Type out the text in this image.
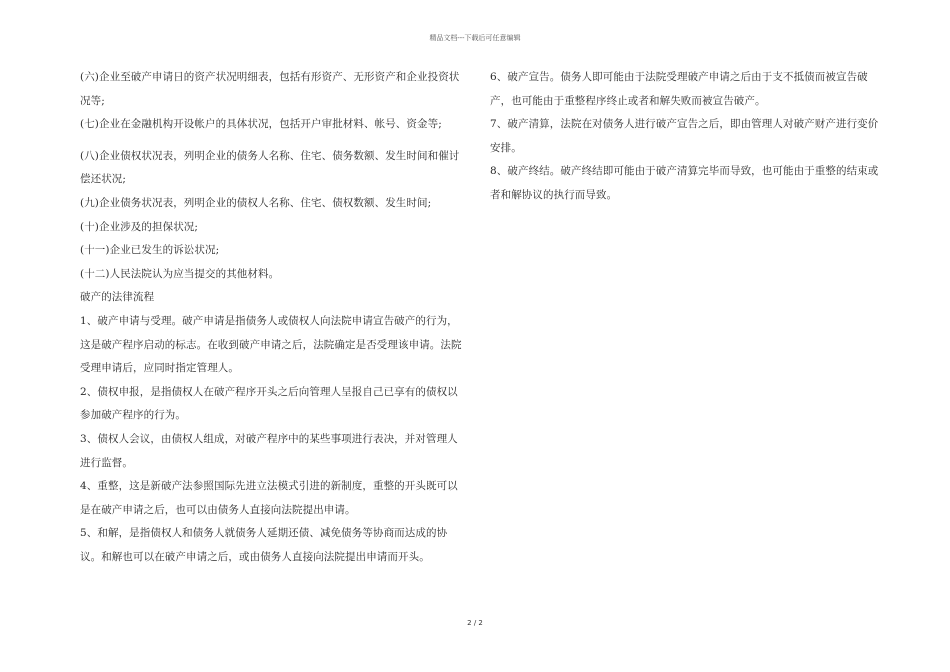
精品文档---下载后可任意编辑

(六)企业至破产申请日的资产状况明细表，包括有形资产、无形资产和企业投资状况等;

(七)企业在金融机构开设帐户的具体状况，包括开户审批材料、帐号、资金等;

(八)企业债权状况表，列明企业的债务人名称、住宅、债务数额、发生时间和催讨偿还状况;

(九)企业债务状况表，列明企业的债权人名称、住宅、债权数额、发生时间;

(十)企业涉及的担保状况;

(十一)企业已发生的诉讼状况;

(十二)人民法院认为应当提交的其他材料。

破产的法律流程

1、破产申请与受理。破产申请是指债务人或债权人向法院申请宣告破产的行为，这是破产程序启动的标志。在收到破产申请之后，法院确定是否受理该申请。法院受理申请后，应同时指定管理人。

2、债权申报，是指债权人在破产程序开头之后向管理人呈报自己已享有的债权以参加破产程序的行为。

3、债权人会议，由债权人组成，对破产程序中的某些事项进行表决，并对管理人进行监督。

4、重整，这是新破产法参照国际先进立法模式引进的新制度，重整的开头既可以是在破产申请之后，也可以由债务人直接向法院提出申请。

5、和解，是指债权人和债务人就债务人延期还债、减免债务等协商而达成的协议。和解也可以在破产申请之后，或由债务人直接向法院提出申请而开头。

6、破产宣告。债务人即可能由于法院受理破产申请之后由于支不抵债而被宣告破产，也可能由于重整程序终止或者和解失败而被宣告破产。

7、破产清算，法院在对债务人进行破产宣告之后，即由管理人对破产财产进行变价安排。

8、破产终结。破产终结即可能由于破产清算完毕而导致，也可能由于重整的结束或者和解协议的执行而导致。

2 / 2
